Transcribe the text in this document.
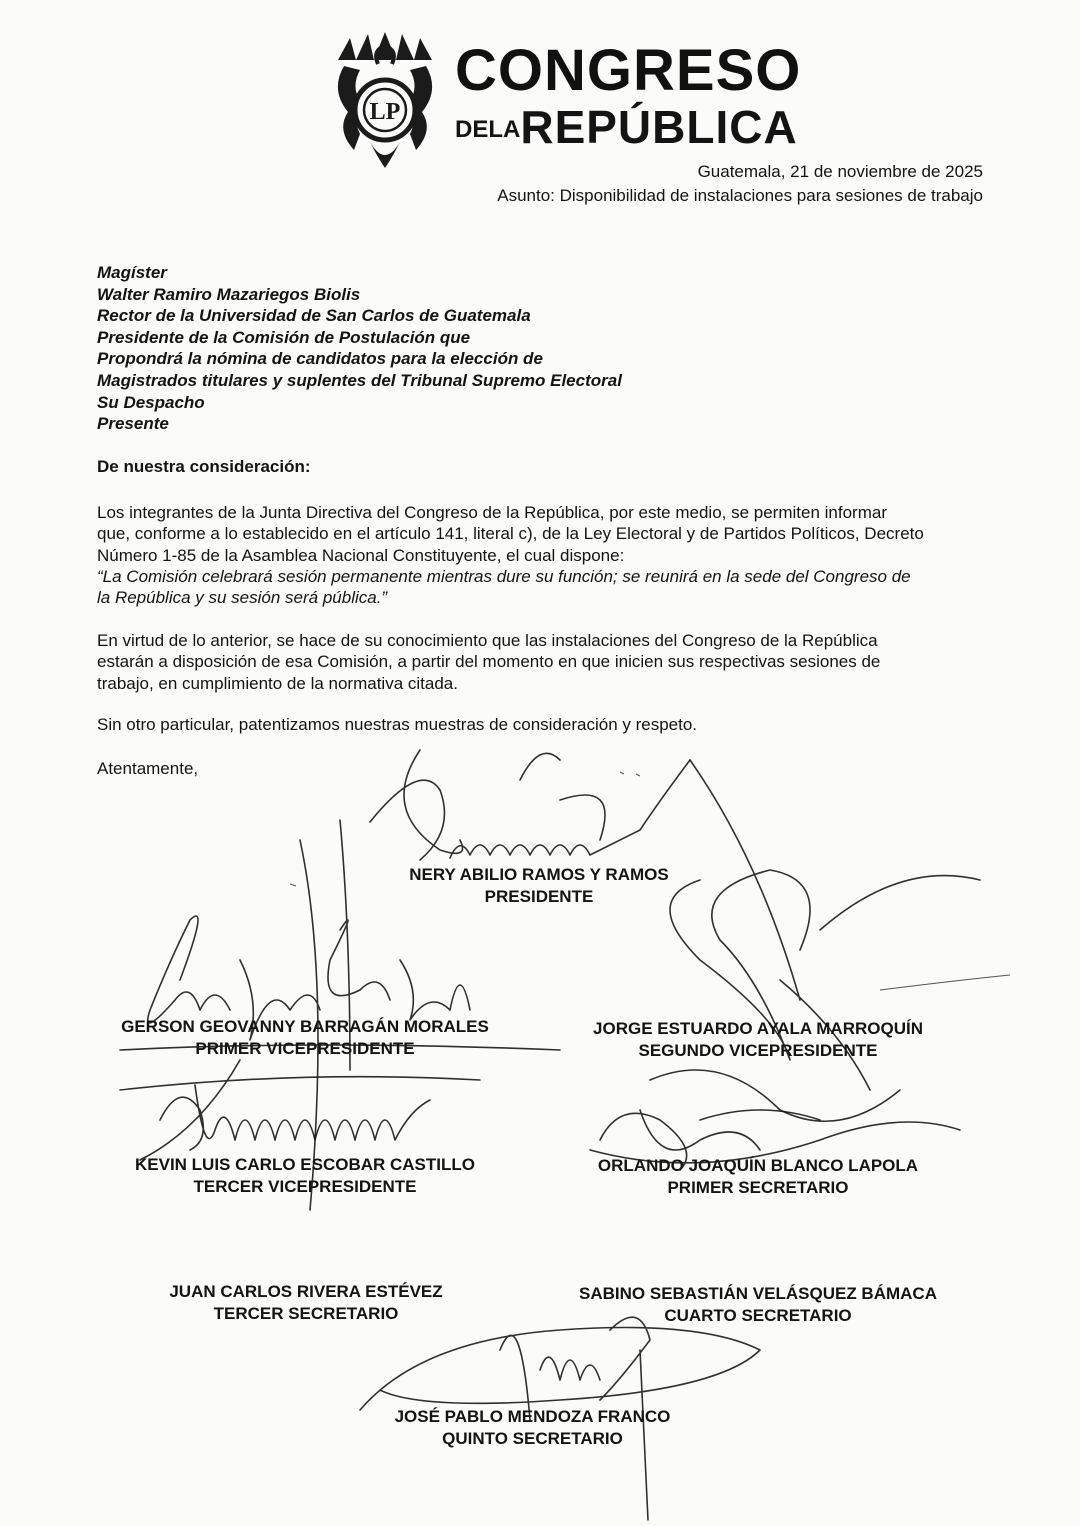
LP
CONGRESO
DELAREPÚBLICA
Guatemala, 21 de noviembre de 2025
Asunto: Disponibilidad de instalaciones para sesiones de trabajo
Magíster
Walter Ramiro Mazariegos Biolis
Rector de la Universidad de San Carlos de Guatemala
Presidente de la Comisión de Postulación que
Propondrá la nómina de candidatos para la elección de
Magistrados titulares y suplentes del Tribunal Supremo Electoral
Su Despacho
Presente
De nuestra consideración:

Los integrantes de la Junta Directiva del Congreso de la República, por este medio, se permiten informar
que, conforme a lo establecido en el artículo 141, literal c), de la Ley Electoral y de Partidos Políticos, Decreto
Número 1-85 de la Asamblea Nacional Constituyente, el cual dispone:
“La Comisión celebrará sesión permanente mientras dure su función; se reunirá en la sede del Congreso de
la República y su sesión será pública.”

En virtud de lo anterior, se hace de su conocimiento que las instalaciones del Congreso de la República
estarán a disposición de esa Comisión, a partir del momento en que inicien sus respectivas sesiones de
trabajo, en cumplimiento de la normativa citada.

Sin otro particular, patentizamos nuestras muestras de consideración y respeto.

Atentamente,

NERY ABILIO RAMOS Y RAMOS
PRESIDENTE
GERSON GEOVANNY BARRAGÁN MORALES
PRIMER VICEPRESIDENTE
JORGE ESTUARDO AYALA MARROQUÍN
SEGUNDO VICEPRESIDENTE
KEVIN LUIS CARLO ESCOBAR CASTILLO
TERCER VICEPRESIDENTE
ORLANDO JOAQUÍN BLANCO LAPOLA
PRIMER SECRETARIO
JUAN CARLOS RIVERA ESTÉVEZ
TERCER SECRETARIO
SABINO SEBASTIÁN VELÁSQUEZ BÁMACA
CUARTO SECRETARIO
JOSÉ PABLO MENDOZA FRANCO
QUINTO SECRETARIO
